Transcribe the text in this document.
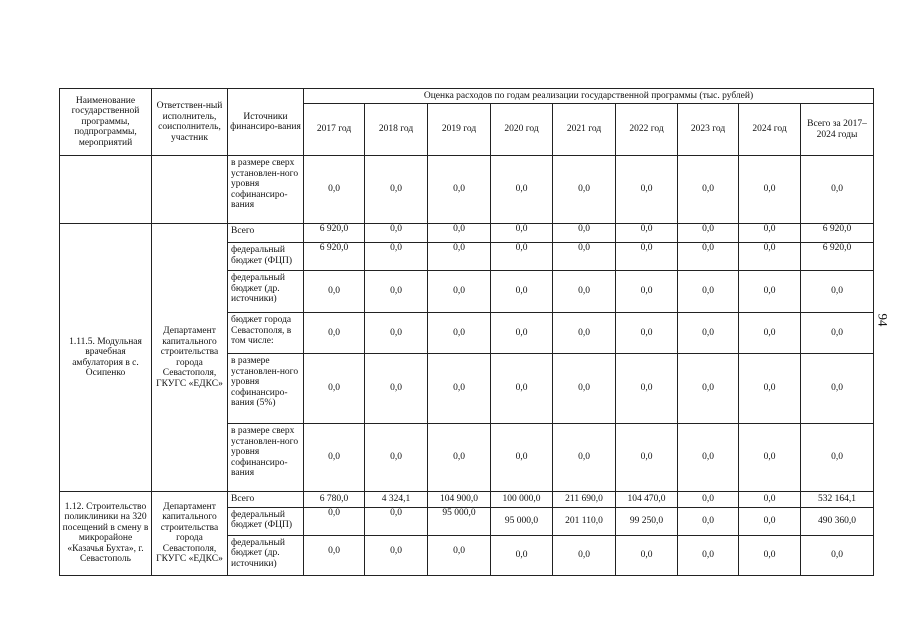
Наименование государственной программы, подпрограммы, мероприятий	Ответствен-ный исполнитель, соисполнитель, участник	Источники финансиро-вания	Оценка расходов по годам реализации государственной программы (тыс. рублей)								
			2017 год	2018 год	2019 год	2020 год	2021 год	2022 год	2023 год	2024 год	Всего за 2017–2024 годы
		в размере сверх установлен-ного уровня софинансиро-вания	0,0	0,0	0,0	0,0	0,0	0,0	0,0	0,0	0,0
1.11.5. Модульная врачебная амбулатория в с. Осипенко	Департамент капитального строительства города Севастополя, ГКУГС «ЕДКС»	Всего	6 920,0	0,0	0,0	0,0	0,0	0,0	0,0	0,0	6 920,0
		федеральный бюджет (ФЦП)	6 920,0	0,0	0,0	0,0	0,0	0,0	0,0	0,0	6 920,0
		федеральный бюджет (др. источники)	0,0	0,0	0,0	0,0	0,0	0,0	0,0	0,0	0,0
		бюджет города Севастополя, в том числе:	0,0	0,0	0,0	0,0	0,0	0,0	0,0	0,0	0,0
		в размере установлен-ного уровня софинансиро-вания (5%)	0,0	0,0	0,0	0,0	0,0	0,0	0,0	0,0	0,0
		в размере сверх установлен-ного уровня софинансиро-вания	0,0	0,0	0,0	0,0	0,0	0,0	0,0	0,0	0,0
1.12. Строительство поликлиники на 320 посещений в смену в микрорайоне «Казачья Бухта», г. Севастополь	Департамент капитального строительства города Севастополя, ГКУГС «ЕДКС»	Всего	6 780,0	4 324,1	104 900,0	100 000,0	211 690,0	104 470,0	0,0	0,0	532 164,1
		федеральный бюджет (ФЦП)	0,0	0,0	95 000,0	95 000,0	201 110,0	99 250,0	0,0	0,0	490 360,0
		федеральный бюджет (др. источники)	0,0	0,0	0,0	0,0	0,0	0,0	0,0	0,0	0,0
94
